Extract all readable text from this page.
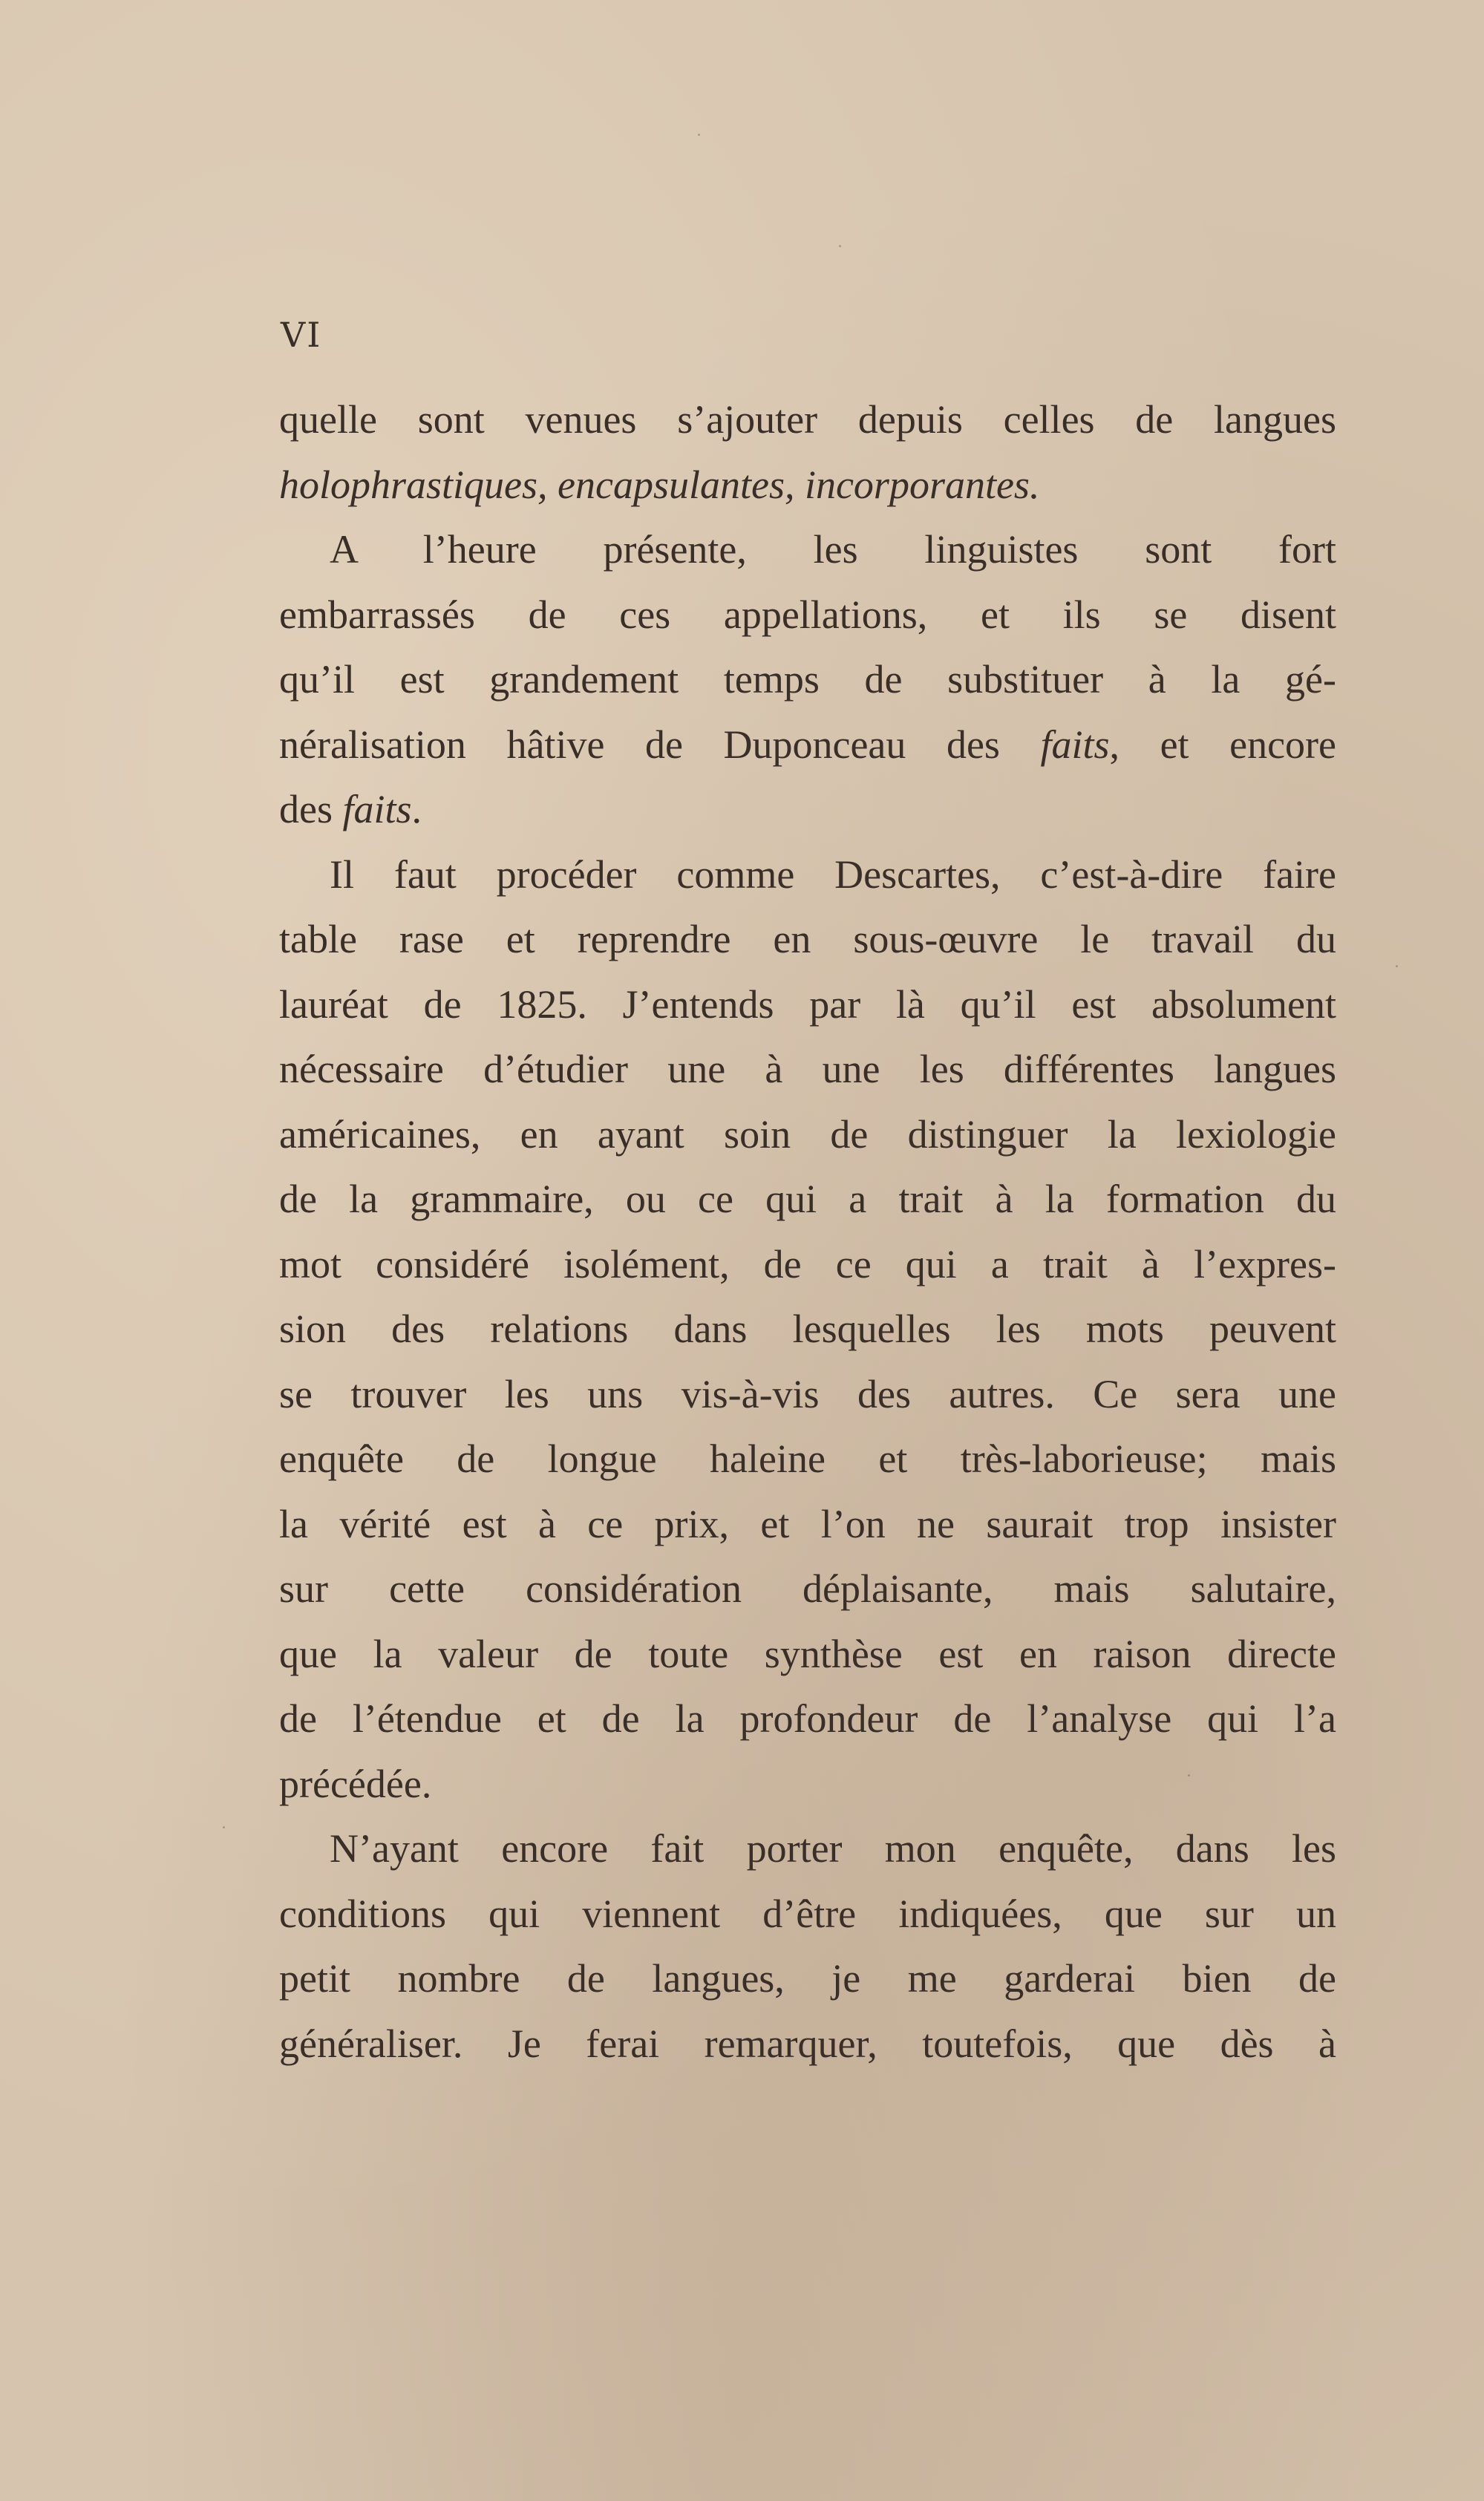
VI
quelle sont venues s’ajouter depuis celles de langues
holophrastiques, encapsulantes, incorporantes.
A l’heure présente, les linguistes sont fort
embarrassés de ces appellations, et ils se disent
qu’il est grandement temps de substituer à la gé-
néralisation hâtive de Duponceau des faits, et encore
des faits.
Il faut procéder comme Descartes, c’est-à-dire faire
table rase et reprendre en sous-œuvre le travail du
lauréat de 1825. J’entends par là qu’il est absolument
nécessaire d’étudier une à une les différentes langues
américaines, en ayant soin de distinguer la lexiologie
de la grammaire, ou ce qui a trait à la formation du
mot considéré isolément, de ce qui a trait à l’expres-
sion des relations dans lesquelles les mots peuvent
se trouver les uns vis-à-vis des autres. Ce sera une
enquête de longue haleine et très-laborieuse; mais
la vérité est à ce prix, et l’on ne saurait trop insister
sur cette considération déplaisante, mais salutaire,
que la valeur de toute synthèse est en raison directe
de l’étendue et de la profondeur de l’analyse qui l’a
précédée.
N’ayant encore fait porter mon enquête, dans les
conditions qui viennent d’être indiquées, que sur un
petit nombre de langues, je me garderai bien de
généraliser. Je ferai remarquer, toutefois, que dès à
